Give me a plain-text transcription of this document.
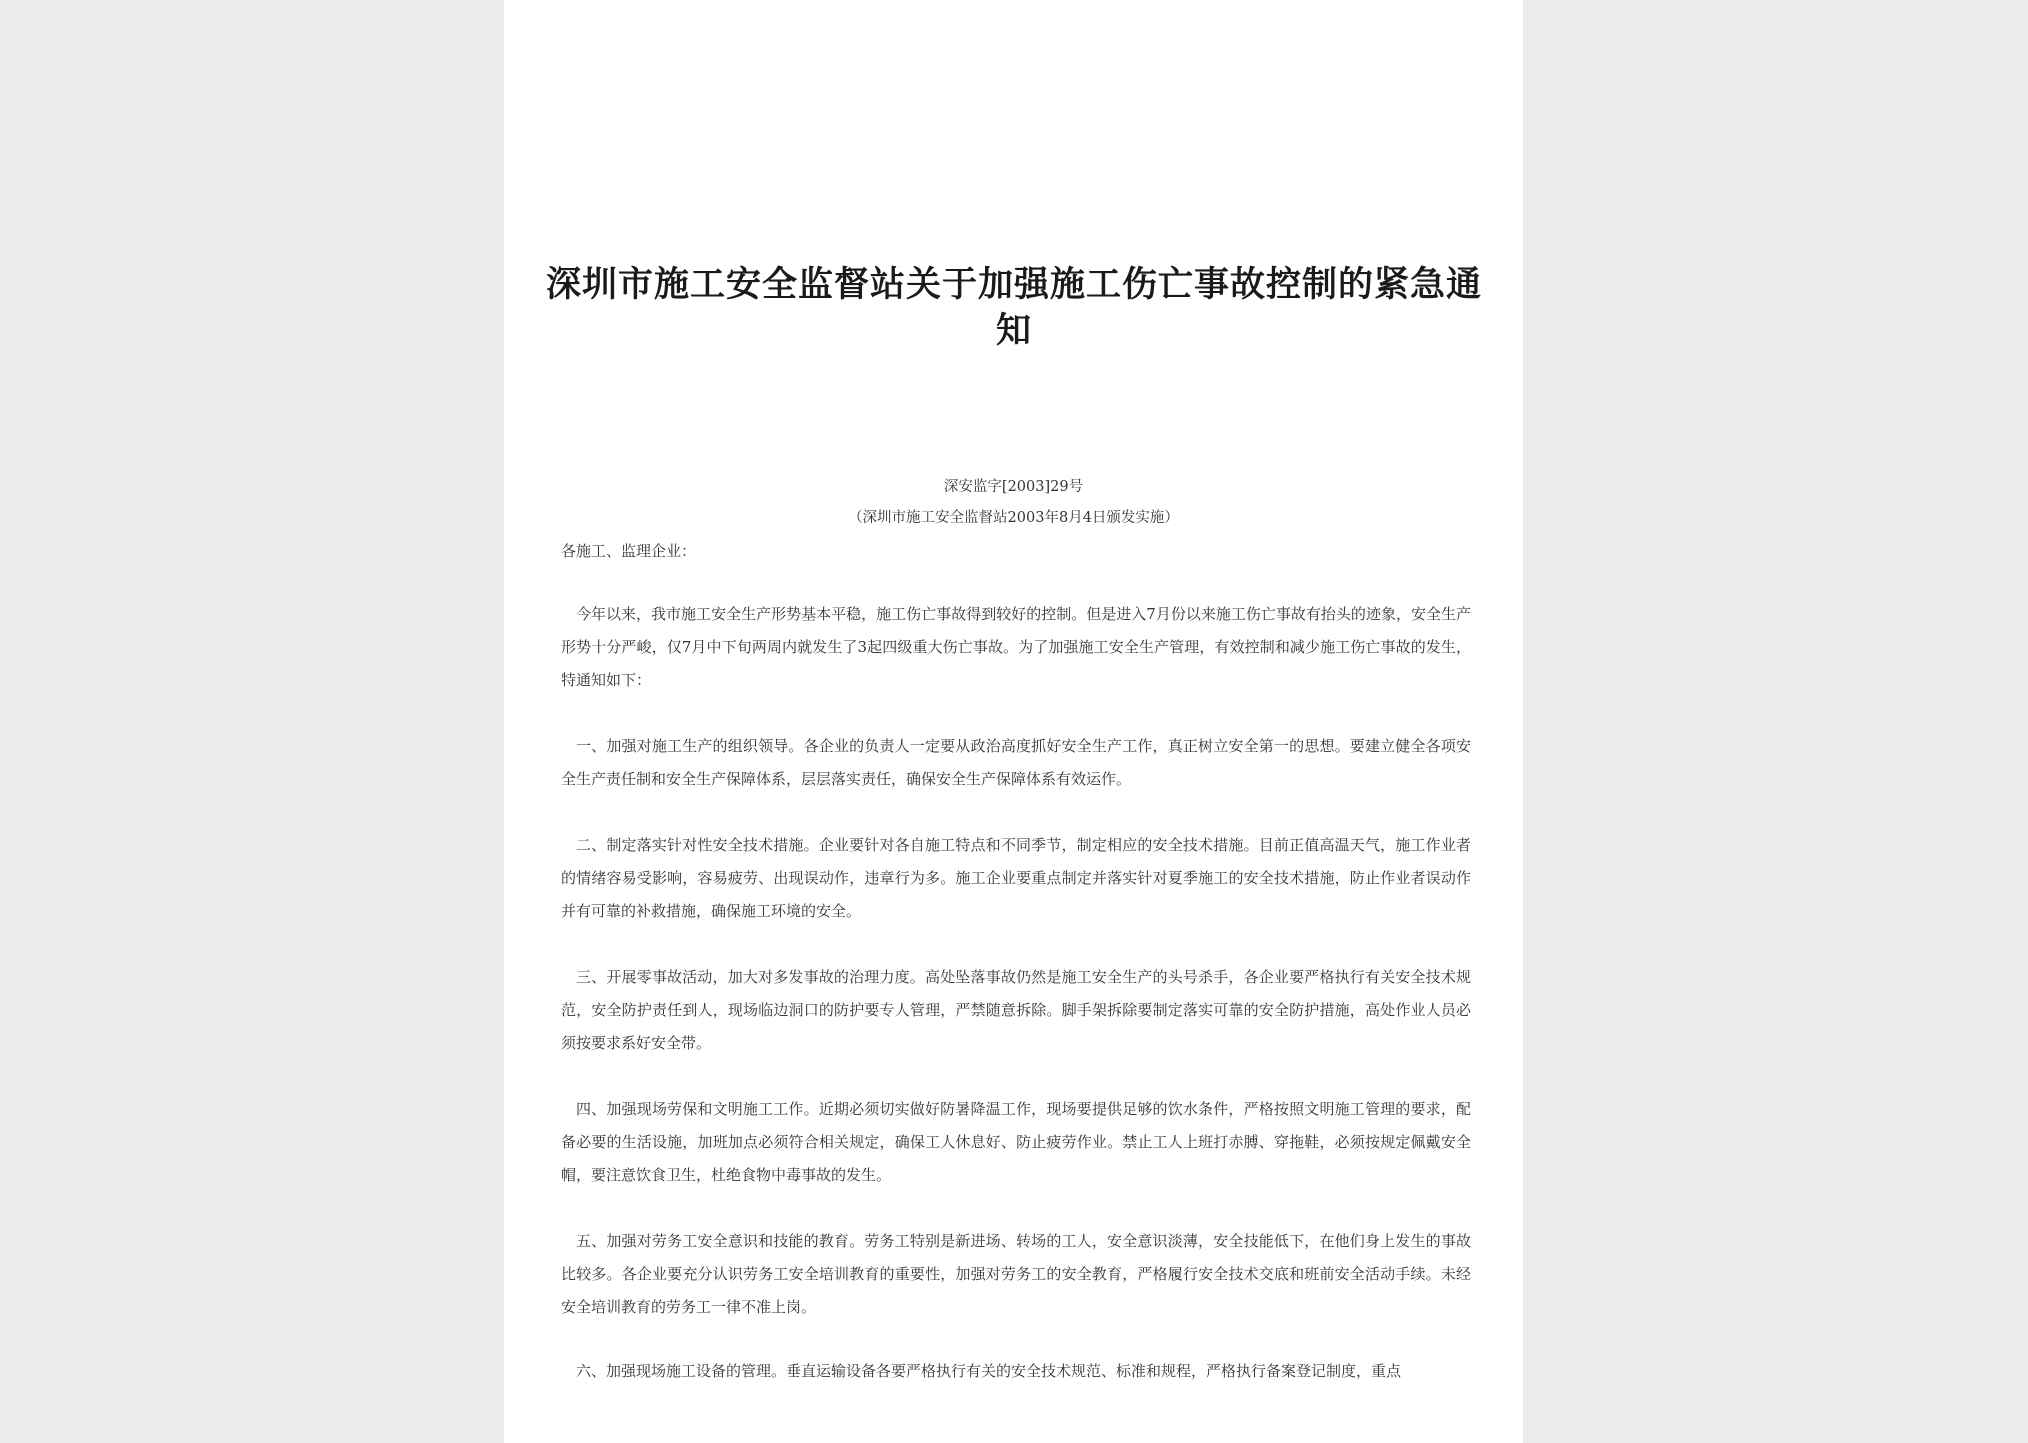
深圳市施工安全监督站关于加强施工伤亡事故控制的紧急通知
深安监字[2003]29号
（深圳市施工安全监督站2003年8月4日颁发实施）
各施工、监理企业：

今年以来，我市施工安全生产形势基本平稳，施工伤亡事故得到较好的控制。但是进入7月份以来施工伤亡事故有抬头的迹象，安全生产形势十分严峻，仅7月中下旬两周内就发生了3起四级重大伤亡事故。为了加强施工安全生产管理，有效控制和减少施工伤亡事故的发生，特通知如下：

一、加强对施工生产的组织领导。各企业的负责人一定要从政治高度抓好安全生产工作，真正树立安全第一的思想。要建立健全各项安全生产责任制和安全生产保障体系，层层落实责任，确保安全生产保障体系有效运作。

二、制定落实针对性安全技术措施。企业要针对各自施工特点和不同季节，制定相应的安全技术措施。目前正值高温天气，施工作业者的情绪容易受影响，容易疲劳、出现误动作，违章行为多。施工企业要重点制定并落实针对夏季施工的安全技术措施，防止作业者误动作并有可靠的补救措施，确保施工环境的安全。

三、开展零事故活动，加大对多发事故的治理力度。高处坠落事故仍然是施工安全生产的头号杀手，各企业要严格执行有关安全技术规范，安全防护责任到人，现场临边洞口的防护要专人管理，严禁随意拆除。脚手架拆除要制定落实可靠的安全防护措施，高处作业人员必须按要求系好安全带。

四、加强现场劳保和文明施工工作。近期必须切实做好防暑降温工作，现场要提供足够的饮水条件，严格按照文明施工管理的要求，配备必要的生活设施，加班加点必须符合相关规定，确保工人休息好、防止疲劳作业。禁止工人上班打赤膊、穿拖鞋，必须按规定佩戴安全帽，要注意饮食卫生，杜绝食物中毒事故的发生。

五、加强对劳务工安全意识和技能的教育。劳务工特别是新进场、转场的工人，安全意识淡薄，安全技能低下，在他们身上发生的事故比较多。各企业要充分认识劳务工安全培训教育的重要性，加强对劳务工的安全教育，严格履行安全技术交底和班前安全活动手续。未经安全培训教育的劳务工一律不准上岗。

六、加强现场施工设备的管理。垂直运输设备各要严格执行有关的安全技术规范、标准和规程，严格执行备案登记制度，重点
